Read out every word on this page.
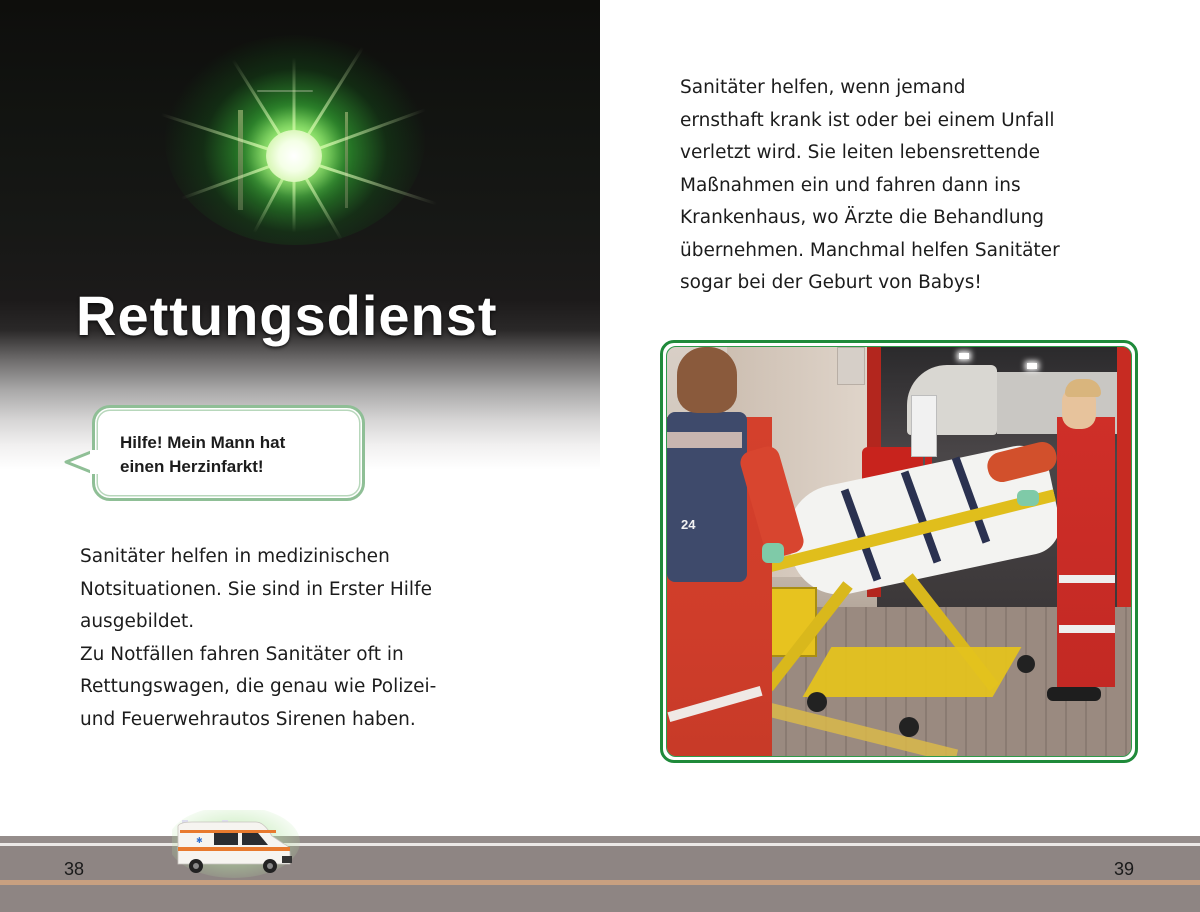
Rettungsdienst
Hilfe! Mein Mann hat
einen Herzinfarkt!
Sanitäter helfen in medizinischen
Notsituationen. Sie sind in Erster Hilfe
ausgebildet.
Zu Notfällen fahren Sanitäter oft in
Rettungswagen, die genau wie Polizei-
und Feuerwehrautos Sirenen haben.
Sanitäter helfen, wenn jemand
ernsthaft krank ist oder bei einem Unfall
verletzt wird. Sie leiten lebensrettende
Maßnahmen ein und fahren dann ins
Krankenhaus, wo Ärzte die Behandlung
übernehmen. Manchmal helfen Sanitäter
sogar bei der Geburt von Babys!
24
✱
38	39
